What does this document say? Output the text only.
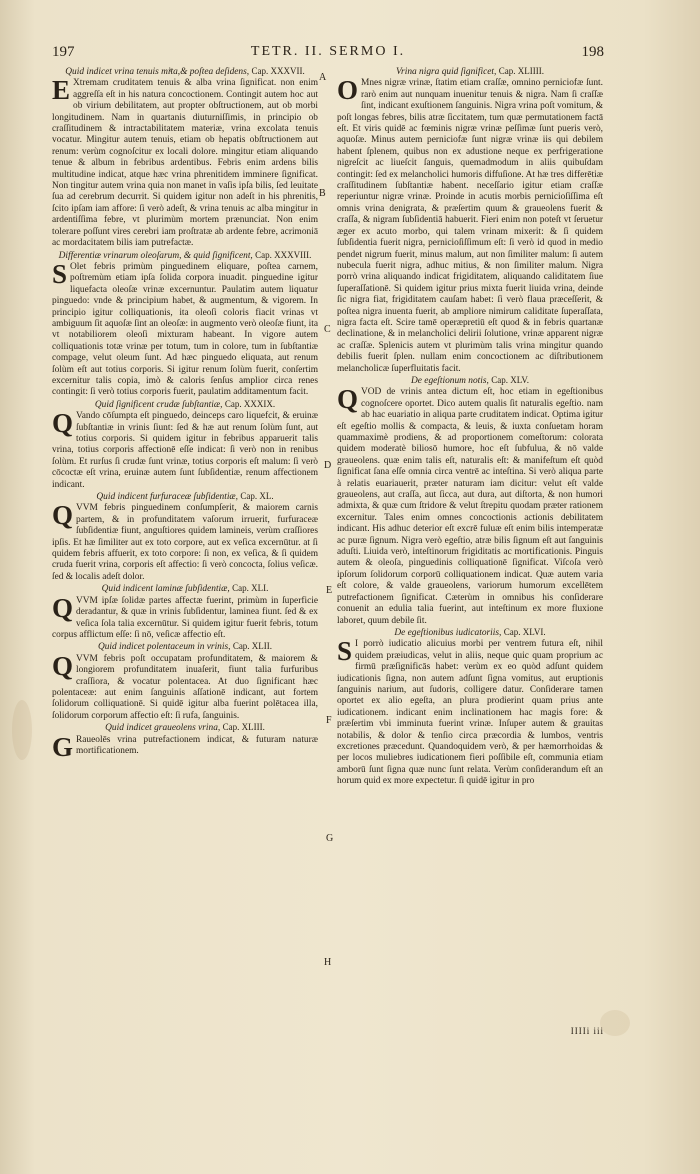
197	TETR. II. SERMO I.	198
Quid indicet vrina tenuis miͣta,& poſtea deſidens, Cap. XXXVII.

E Xtremam cruditatem tenuis & alba vrina ſignificat. non enim aggreſſa eſt in his natura concoctionem. Contingit autem hoc aut ob virium debilitatem, aut propter obſtructionem, aut ob morbi longitudinem. Nam in quartanis diuturniſſimis, in principio ob craſſitudinem & intractabilitatem materiæ, vrina excolata tenuis vocatur. Mingitur autem tenuis, etiam ob hepatis obſtructionem aut renum: verùm cognoſcitur ex locali dolore. mingitur etiam aliquando tenue & album in febribus ardentibus. Febris enim ardens bilis multitudine indicat, atque hæc vrina phrenitidem imminere ſignificat. Non tingitur autem vrina quia non manet in vaſis ipſa bilis, ſed leuitate ſua ad cerebrum decurrit. Si quidem igitur non adeſt in his phrenitis, ſcito ipſam iam affore: ſi verò adeſt, & vrina tenuis ac alba mingitur in ardentiſſima febre, vt plurimùm mortem prænunciat. Non enim tolerare poſſunt vires cerebri iam proſtratæ ab ardente febre, acrimoniā ac mordacitatem bilis iam putrefactæ.

Differentiæ vrinarum oleoſarum, & quid ſignificent, Cap. XXXVIII.

S Olet febris primùm pinguedinem eliquare, poſtea carnem, poſtremùm etiam ipſa ſolida corpora inuadit. pinguedine igitur liquefacta oleoſæ vrinæ excernuntur. Paulatim autem liquatur pinguedo: vnde & principium habet, & augmentum, & vigorem. In principio igitur colliquationis, ita oleoſi coloris fiacit vrinas vt ambiguum ſit aquoſæ ſint an oleoſæ: in augmento verò oleoſæ fiunt, ita vt notabiliorem oleoſi mixturam habeant. In vigore autem colliquationis totæ vrinæ per totum, tum in colore, tum in ſubſtantiæ compage, velut oleum ſunt. Ad hæc pinguedo eliquata, aut renum ſolùm eſt aut totius corporis. Si igitur renum ſolùm fuerit, conſertim excernitur talis copia, imò & caloris ſenſus amplior circa renes contingit: ſi verò totius corporis fuerit, paulatim additamentum facit.

Quid ſignificent crudæ ſubſtantiæ, Cap. XXXIX.

Q Vando cōſumpta eſt pinguedo, deinceps caro liquefcit, & eruinæ ſubſtantiæ in vrinis ſiunt: ſed & hæ aut renum ſolùm ſunt, aut totius corporis. Si quidem igitur in febribus apparuerit talis vrina, totius corporis affectionē eſſe indicat: ſi verò non in renibus ſolùm. Et rurſus ſi crudæ ſunt vrinæ, totius corporis eſt malum: ſi verò cōcoctæ eſt vrina, eruinæ autem ſunt ſubſidentiæ, renum affectionem indicant.

Quid indicent furfuraceæ ſubſidentiæ, Cap. XL.

QVVM febris pinguedinem conſumpſerit, & maiorem carnis partem, & in profunditatem vaſorum irruerit, furfuraceæ ſubſidentiæ fiunt, anguſtiores quidem lamineis, verùm craſſiores ipſis. Et hæ ſimiliter aut ex toto corpore, aut ex veſica excernūtur. at ſi quidem febris affuerit, ex toto corpore: ſi non, ex veſica, & ſi quidem cruda fuerit vrina, corporis eſt affectio: ſi verò concocta, ſolius veſicæ. ſed & localis adeſt dolor.

Quid indicent laminæ ſubſidentiæ, Cap. XLI.

QVVM ipſæ ſolidæ partes affectæ fuerint, primùm in ſuperficie deradantur, & quæ in vrinis ſubſidentur, laminea fiunt. ſed & ex veſica ſola talia excernūtur. Si quidem igitur fuerit febris, totum corpus afflictum eſſe: ſi nō, veſicæ affectio eſt.

Quid indicet polentaceum in vrinis, Cap. XLII.

QVVM febris poſt occupatam profunditatem, & maiorem & longiorem profunditatem inuaſerit, fiunt talia furfuribus craſſiora, & vocatur polentacea. At duo ſignificant hæc polentaceæ: aut enim ſanguinis aſſationē indicant, aut fortem ſolidorum colliquationē. Si quidē igitur alba fuerint polētacea illa, ſolidorum corporum affectio eſt: ſi rufa, ſanguinis.

Quid indicet graueolens vrina, Cap. XLIII.

G Raueolēs vrina putrefactionem indicat, & futuram naturæ mortificationem.

Vrina nigra quid ſignificet, Cap. XLIIII.

O Mnes nigræ vrinæ, ſtatim etiam craſſæ, omnino perniciofæ ſunt. rarò enim aut nunquam inuenitur tenuis & nigra. Nam ſi craſſæ ſint, indicant exuſtionem ſanguinis. Nigra vrina poſt vomitum, & poſt longas febres, bilis atræ ſiccitatem, tum quæ permutationem factā eſt. Et viris quidē ac fœminis nigræ vrinæ peſſimæ ſunt pueris verò, aquoſæ. Minus autem perniciofæ ſunt nigræ vrinæ iis qui debilem habent ſplenem, quibus non ex adustione neque ex perfrigeratione nigreſcit ac liueſcit ſanguis, quemadmodum in aliis quibuſdam contingit: ſed ex melancholici humoris diffuſione. At hæ tres differētiæ craſſitudinem ſubſtantiæ habent. neceſſario igitur etiam craſſæ reperiuntur nigræ vrinæ. Proinde in acutis morbis pernicioſiſſima eſt omnis vrina denigrata, & præſertim quum & graueolens fuerit & craſſa, & nigram ſubſidentiā habuerit. Fieri enim non poteſt vt ſeruetur æger ex acuto morbo, qui talem vrinam mixerit: & ſi quidem ſubſidentia fuerit nigra, pernicioſiſſimum eſt: ſi verò id quod in medio pendet nigrum fuerit, minus malum, aut non ſimiliter malum: ſi autem nubecula fuerit nigra, adhuc mitius, & non ſimiliter malum. Nigra porrò vrina aliquando indicat frigiditatem, aliquando caliditatem ſiue ſuperaſſationē. Si quidem igitur prius mixta fuerit liuida vrina, deinde ſic nigra fiat, frigiditatem cauſam habet: ſi verò flaua præceſſerit, & poſtea nigra inuenta fuerit, ab ampliore nimirum caliditate ſuperaſſata, nigra facta eſt. Scire tamē operæpretiū eſt quod & in febris quartanæ declinatione, & in melancholici delirii ſolutione, vrinæ apparent nigræ ac craſſæ. Splenicis autem vt plurimùm talis vrina mingitur quando debilis fuerit ſplen. nullam enim concoctionem ac diſtributionem melancholicæ ſuperfluitatis facit.

De egeſtionum notis, Cap. XLV.

QVOD de vrinis antea dictum eſt, hoc etiam in egeſtionibus cognoſcere oportet. Dico autem qualis ſit naturalis egeſtio. nam ab hac euariatio in aliqua parte cruditatem indicat. Optima igitur eſt egeſtio mollis & compacta, & leuis, & iuxta conſuetam horam quammaximè prodiens, & ad proportionem comeſtorum: colorata quidem moderatè biliosō humore, hoc eſt ſubfulua, & nō valde graueolens. quæ enim talis eſt, naturalis eſt: & manifeſtum eſt quòd ſignificat ſana eſſe omnia circa ventrē ac inteſtina. Si verò aliqua parte à relatis euariauerit, præter naturam iam dicitur: velut eſt valde graueolens, aut craſſa, aut ſicca, aut dura, aut diſtorta, & non humori admixta, & quæ cum ſtridore & velut ſtrepitu quodam præter rationem excernitur. Tales enim omnes concoctionis actionis debilitatem indicant. His adhuc deterior eſt excrē fuluæ eſt enim bilis intemperatæ ac puræ ſignum. Nigra verò egeſtio, atræ bilis ſignum eſt aut ſanguinis aduſti. Liuida verò, inteſtinorum frigiditatis ac mortificationis. Pinguis autem & oleoſa, pinguedinis colliquationē ſignificat. Viſcoſa verò ipſorum ſolidorum corporū colliquationem indicat. Quæ autem varia eſt colore, & valde graueolens, variorum humorum excellētem putrefactionem ſignificat. Cæterùm in omnibus his conſiderare conuenit an edulia talia fuerint, aut inteſtinum ex more fluxione laboret, quum debile ſit.

De egeſtionibus iudicatoriis, Cap. XLVI.

S I porrò iudicatio alicuius morbi per ventrem futura eſt, nihil quidem præiudicas, velut in aliis, neque quic quam proprium ac firmū præſignificās habet: verùm ex eo quòd adſunt quidem iudicationis ſigna, non autem adſunt ſigna vomitus, aut eruptionis ſanguinis narium, aut ſudoris, colligere datur. Conſiderare tamen oportet ex alio egeſta, an plura prodierint quam prius ante iudicationem. indicant enim inclinationem hac magis fore: & præſertim vbi imminuta fuerint vrinæ. Inſuper autem & grauitas notabilis, & dolor & tenſio circa præcordia & lumbos, ventris excretiones præcedunt. Quandoquidem verò, & per hæmorrhoidas & per locos muliebres iudicationem fieri poſſibile eſt, communia etiam amborū ſunt ſigna quæ nunc ſunt relata. Verùm conſiderandum eſt an horum quid ex more expectetur. ſi quidē igitur in pro

A
B
C
D
E
F
G
H
IIIIi iii
